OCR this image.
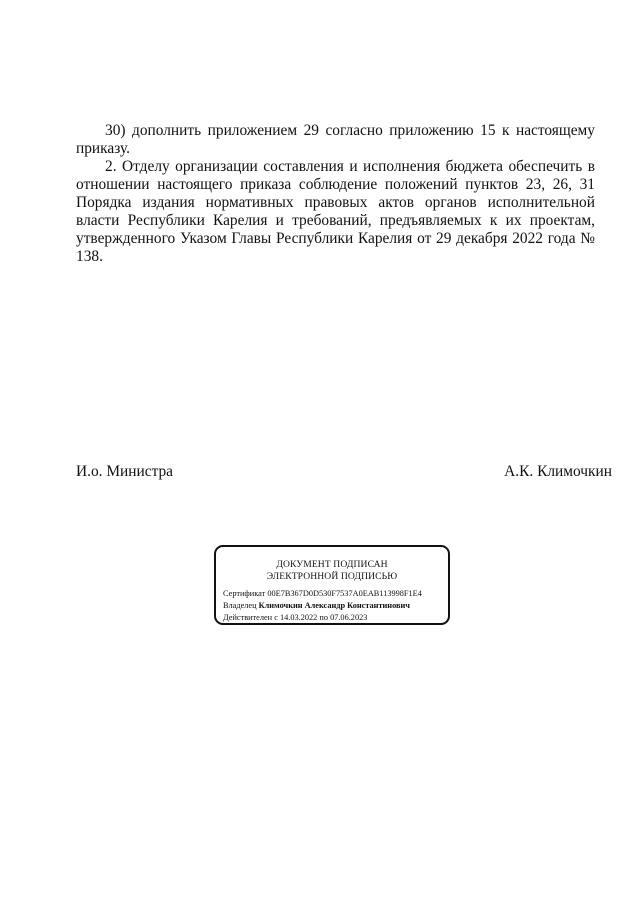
30) дополнить приложением 29 согласно приложению 15 к настоящему приказу.

2. Отделу организации составления и исполнения бюджета обеспечить в отношении настоящего приказа соблюдение положений пунктов 23, 26, 31 Порядка издания нормативных правовых актов органов исполнительной власти Республики Карелия и требований, предъявляемых к их проектам, утвержденного Указом Главы Республики Карелия от 29 декабря 2022 года № 138.

И.о. Министра	А.К. Климочкин
ДОКУМЕНТ ПОДПИСАН
ЭЛЕКТРОННОЙ ПОДПИСЬЮ
Сертификат 00E7B367D0D530F7537A0EAB113998F1E4
Владелец Климочкин Александр Константинович
Действителен с 14.03.2022 по 07.06.2023
